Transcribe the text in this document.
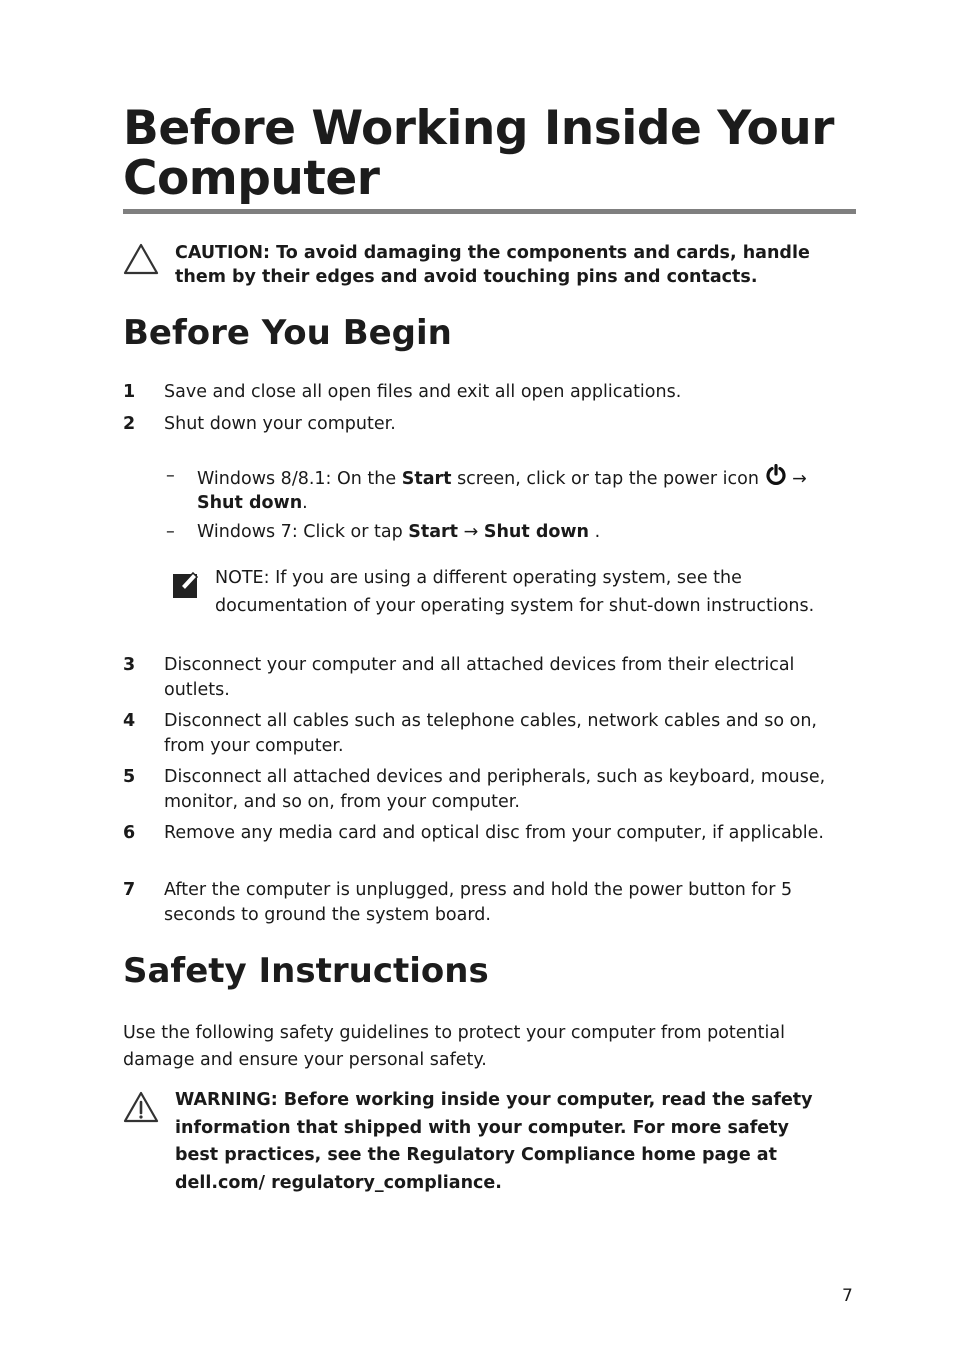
Before Working Inside Your Computer
CAUTION: To avoid damaging the components and cards, handle them by their edges and avoid touching pins and contacts.
Before You Begin
1 Save and close all open files and exit all open applications.
2 Shut down your computer.
– Windows 8/8.1: On the Start screen, click or tap the power icon  →
Shut down.
– Windows 7: Click or tap Start → Shut down .
NOTE: If you are using a different operating system, see the documentation of your operating system for shut-down instructions.
3 Disconnect your computer and all attached devices from their electrical outlets.
4 Disconnect all cables such as telephone cables, network cables and so on, from your computer.
5 Disconnect all attached devices and peripherals, such as keyboard, mouse, monitor, and so on, from your computer.
6 Remove any media card and optical disc from your computer, if applicable.
7 After the computer is unplugged, press and hold the power button for 5 seconds to ground the system board.
Safety Instructions
Use the following safety guidelines to protect your computer from potential damage and ensure your personal safety.
WARNING: Before working inside your computer, read the safety information that shipped with your computer. For more safety best practices, see the Regulatory Compliance home page at dell.com/ regulatory_compliance.
7
